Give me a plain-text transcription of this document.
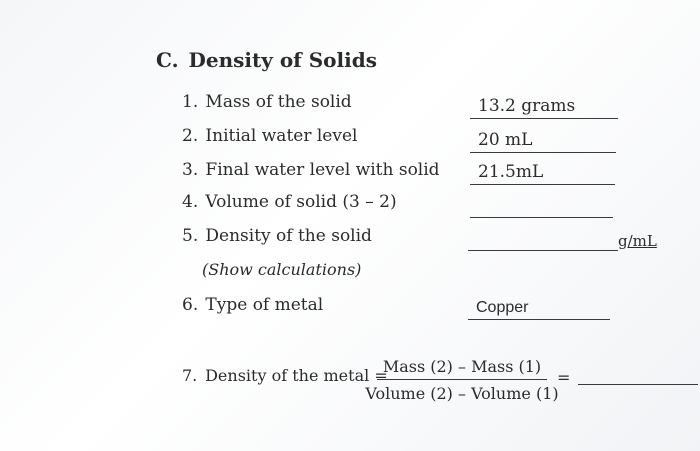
C. Density of Solids
1. Mass of the solid	13.2 grams
2. Initial water level	20 mL
3. Final water level with solid 21.5mL
4. Volume of solid (3 – 2)
5. Density of the solid	g/mL
(Show calculations)
6. Type of metal	Copper
7. Density of the metal =
Mass (2) – Mass (1)
Volume (2) – Volume (1)
=
